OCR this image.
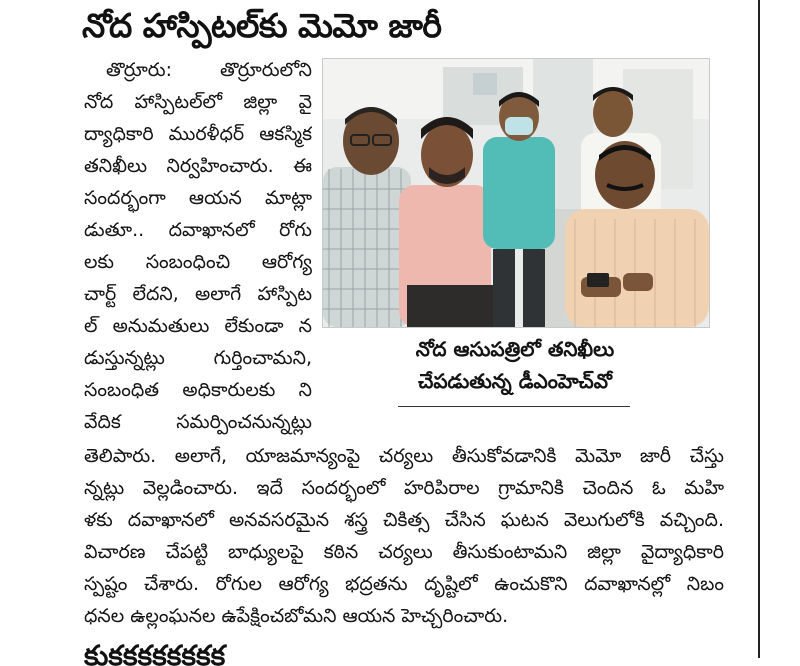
నోద హాస్పిటల్‌కు మెమో జారీ
తొర్రూరు: తొర్రూరులోని
నోద హాస్పిటల్‌లో జిల్లా వై
ద్యాధికారి మురళీధర్ ఆకస్మిక
తనిఖీలు నిర్వహించారు. ఈ
సందర్భంగా ఆయన మాట్లా
డుతూ.. దవాఖానలో రోగు
లకు సంబంధించి ఆరోగ్య
చార్ట్ లేదని, అలాగే హాస్పిట
ల్ అనుమతులు లేకుండా న
డుస్తున్నట్లు గుర్తించామని,
సంబంధిత అధికారులకు ని
వేదిక సమర్పించనున్నట్లు
నోద ఆసుపత్రిలో తనిఖీలు
చేపడుతున్న డీఎంహెచ్‌వో
తెలిపారు. అలాగే, యాజమాన్యంపై చర్యలు తీసుకోవడానికి మెమో జారీ చేస్తు
న్నట్లు వెల్లడించారు. ఇదే సందర్భంలో హరిపిరాల గ్రామానికి చెందిన ఓ మహి
ళకు దవాఖానలో అనవసరమైన శస్త్ర చికిత్స చేసిన ఘటన వెలుగులోకి వచ్చింది.
విచారణ చేపట్టి బాధ్యులపై కఠిన చర్యలు తీసుకుంటామని జిల్లా వైద్యాధికారి
స్పష్టం చేశారు. రోగుల ఆరోగ్య భద్రతను దృష్టిలో ఉంచుకొని దవాఖానల్లో నిబం
ధనల ఉల్లంఘనల ఉపేక్షించబోమని ఆయన హెచ్చరించారు.
కుకకకకకకకక
